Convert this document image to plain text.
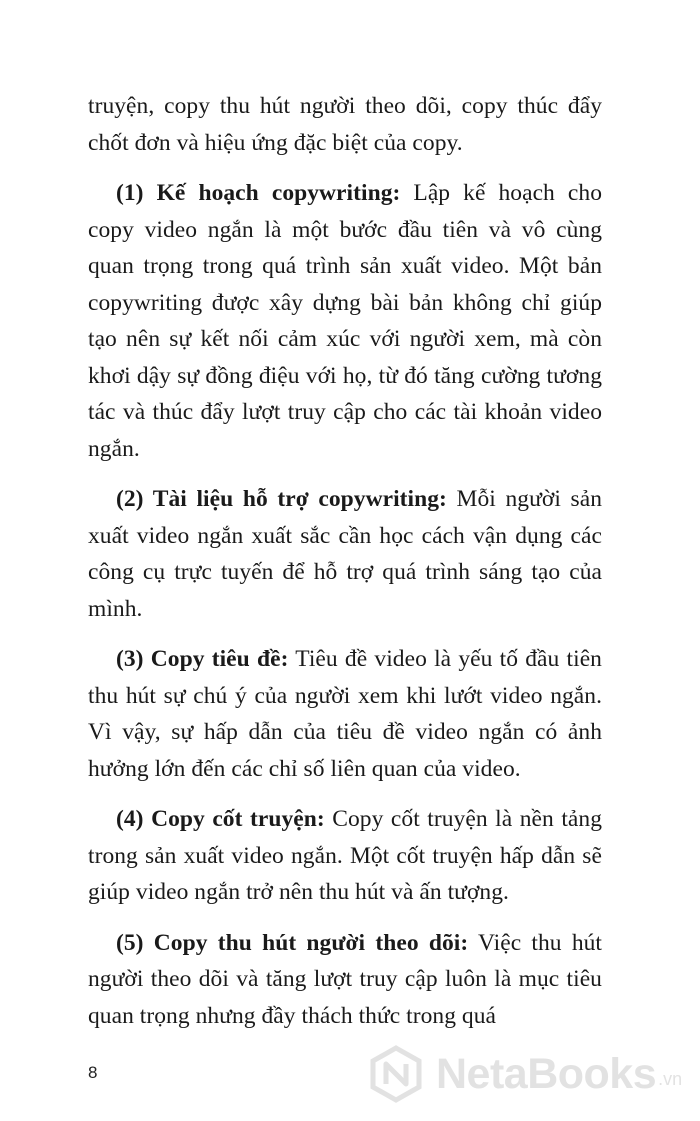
truyện, copy thu hút người theo dõi, copy thúc đẩy chốt đơn và hiệu ứng đặc biệt của copy.

(1) Kế hoạch copywriting: Lập kế hoạch cho copy video ngắn là một bước đầu tiên và vô cùng quan trọng trong quá trình sản xuất video. Một bản copywriting được xây dựng bài bản không chỉ giúp tạo nên sự kết nối cảm xúc với người xem, mà còn khơi dậy sự đồng điệu với họ, từ đó tăng cường tương tác và thúc đẩy lượt truy cập cho các tài khoản video ngắn.

(2) Tài liệu hỗ trợ copywriting: Mỗi người sản xuất video ngắn xuất sắc cần học cách vận dụng các công cụ trực tuyến để hỗ trợ quá trình sáng tạo của mình.

(3) Copy tiêu đề: Tiêu đề video là yếu tố đầu tiên thu hút sự chú ý của người xem khi lướt video ngắn. Vì vậy, sự hấp dẫn của tiêu đề video ngắn có ảnh hưởng lớn đến các chỉ số liên quan của video.

(4) Copy cốt truyện: Copy cốt truyện là nền tảng trong sản xuất video ngắn. Một cốt truyện hấp dẫn sẽ giúp video ngắn trở nên thu hút và ấn tượng.

(5) Copy thu hút người theo dõi: Việc thu hút người theo dõi và tăng lượt truy cập luôn là mục tiêu quan trọng nhưng đầy thách thức trong quá

8	NetaBooks .vn
